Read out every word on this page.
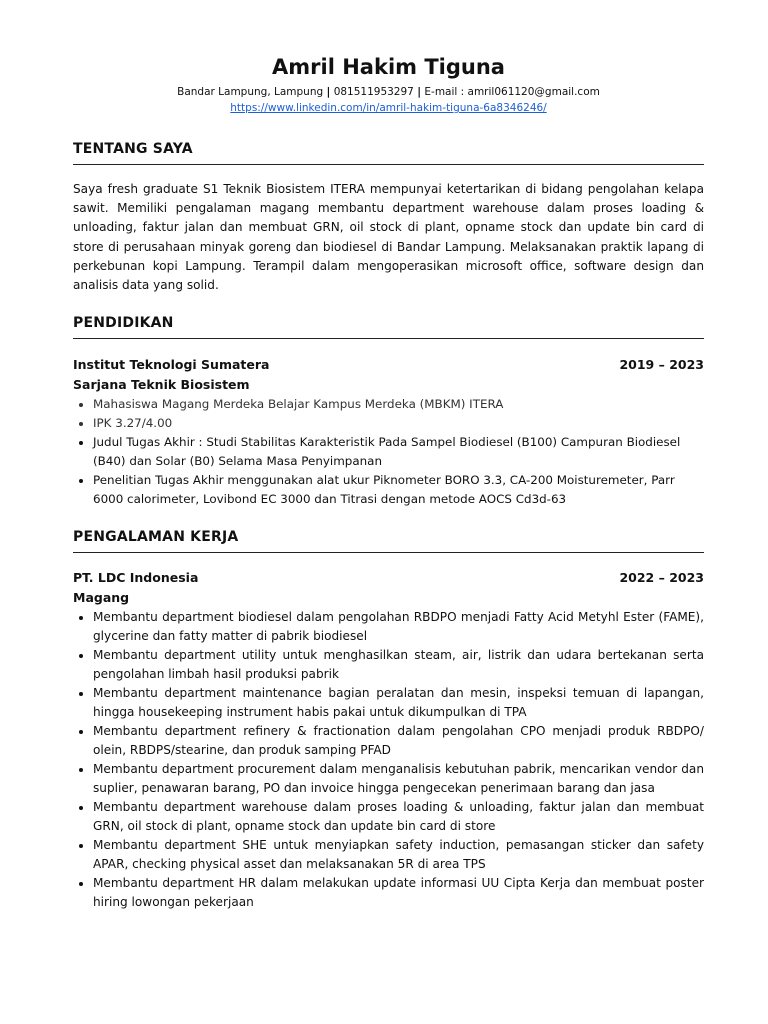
Amril Hakim Tiguna
Bandar Lampung, Lampung | 081511953297 | E-mail : amril061120@gmail.com
https://www.linkedin.com/in/amril-hakim-tiguna-6a8346246/
TENTANG SAYA

Saya fresh graduate S1 Teknik Biosistem ITERA mempunyai ketertarikan di bidang pengolahan kelapa sawit. Memiliki pengalaman magang membantu department warehouse dalam proses loading & unloading, faktur jalan dan membuat GRN, oil stock di plant, opname stock dan update bin card di store di perusahaan minyak goreng dan biodiesel di Bandar Lampung. Melaksanakan praktik lapang di perkebunan kopi Lampung. Terampil dalam mengoperasikan microsoft office, software design dan analisis data yang solid.

PENDIDIKAN
Institut Teknologi Sumatera	2019 – 2023
Sarjana Teknik Biosistem
• Mahasiswa Magang Merdeka Belajar Kampus Merdeka (MBKM) ITERA
• IPK 3.27/4.00
• Judul Tugas Akhir : Studi Stabilitas Karakteristik Pada Sampel Biodiesel (B100) Campuran Biodiesel (B40) dan Solar (B0) Selama Masa Penyimpanan
• Penelitian Tugas Akhir menggunakan alat ukur Piknometer BORO 3.3, CA-200 Moisturemeter, Parr 6000 calorimeter, Lovibond EC 3000 dan Titrasi dengan metode AOCS Cd3d-63
PENGALAMAN KERJA
PT. LDC Indonesia	2022 – 2023
Magang
• Membantu department biodiesel dalam pengolahan RBDPO menjadi Fatty Acid Metyhl Ester (FAME), glycerine dan fatty matter di pabrik biodiesel
• Membantu department utility untuk menghasilkan steam, air, listrik dan udara bertekanan serta pengolahan limbah hasil produksi pabrik
• Membantu department maintenance bagian peralatan dan mesin, inspeksi temuan di lapangan, hingga housekeeping instrument habis pakai untuk dikumpulkan di TPA
• Membantu department refinery & fractionation dalam pengolahan CPO menjadi produk RBDPO/ olein, RBDPS/stearine, dan produk samping PFAD
• Membantu department procurement dalam menganalisis kebutuhan pabrik, mencarikan vendor dan suplier, penawaran barang, PO dan invoice hingga pengecekan penerimaan barang dan jasa
• Membantu department warehouse dalam proses loading & unloading, faktur jalan dan membuat GRN, oil stock di plant, opname stock dan update bin card di store
• Membantu department SHE untuk menyiapkan safety induction, pemasangan sticker dan safety APAR, checking physical asset dan melaksanakan 5R di area TPS
• Membantu department HR dalam melakukan update informasi UU Cipta Kerja dan membuat poster hiring lowongan pekerjaan
